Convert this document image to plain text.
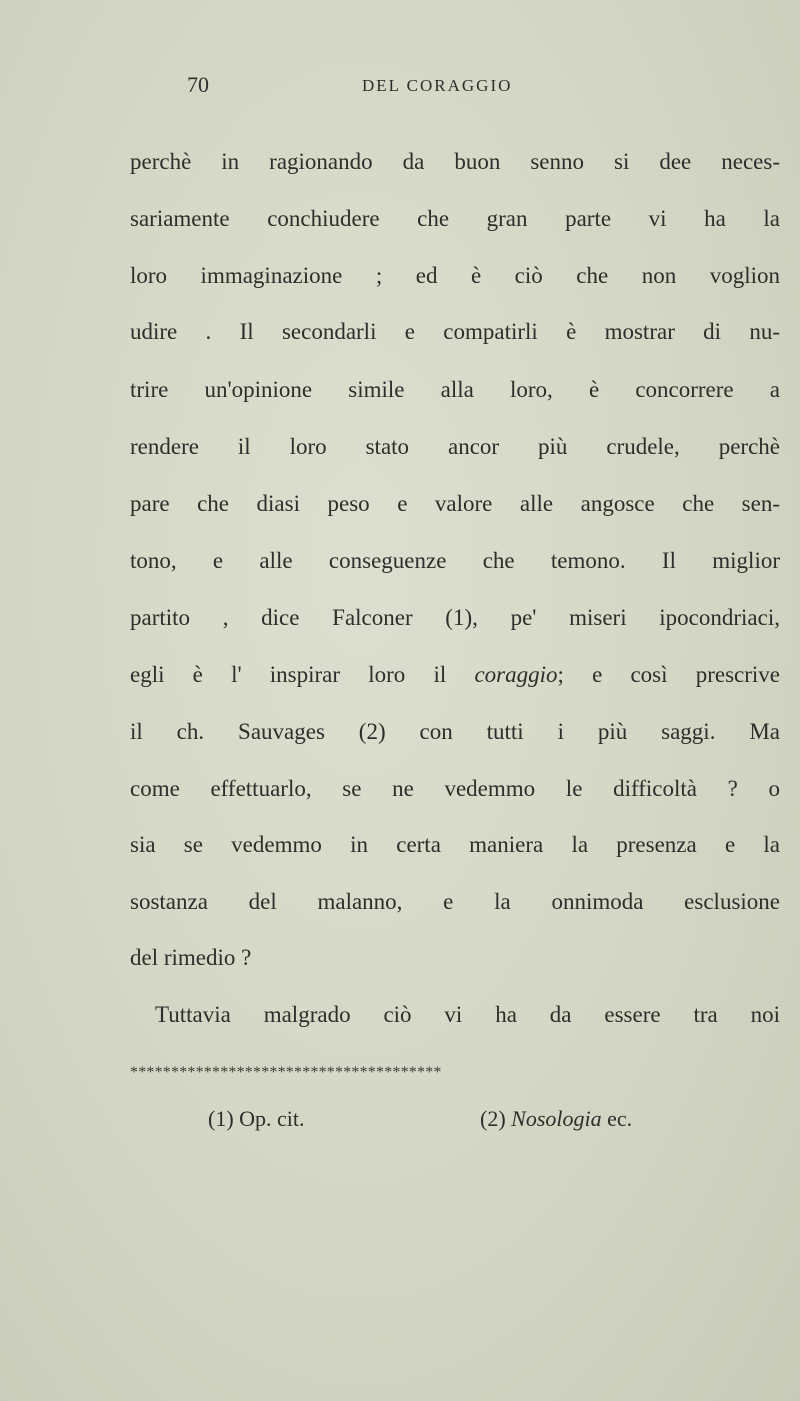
70	DEL CORAGGIO
perchè in ragionando da buon senno si dee neces-
sariamente conchiudere che gran parte vi ha la
loro immaginazione ; ed è ciò che non voglion
udire . Il secondarli e compatirli è mostrar di nu-
trire un'opinione simile alla loro, è concorrere a
rendere il loro stato ancor più crudele, perchè
pare che diasi peso e valore alle angosce che sen-
tono, e alle conseguenze che temono. Il miglior
partito , dice Falconer (1), pe' miseri ipocondriaci,
egli è l' inspirar loro il coraggio; e così prescrive
il ch. Sauvages (2) con tutti i più saggi. Ma
come effettuarlo, se ne vedemmo le difficoltà ? o
sia se vedemmo in certa maniera la presenza e la
sostanza del malanno, e la onnimoda esclusione
del rimedio ?
Tuttavia malgrado ciò vi ha da essere tra noi
**************************************
(1) Op. cit.	(2) Nosologia ec.
